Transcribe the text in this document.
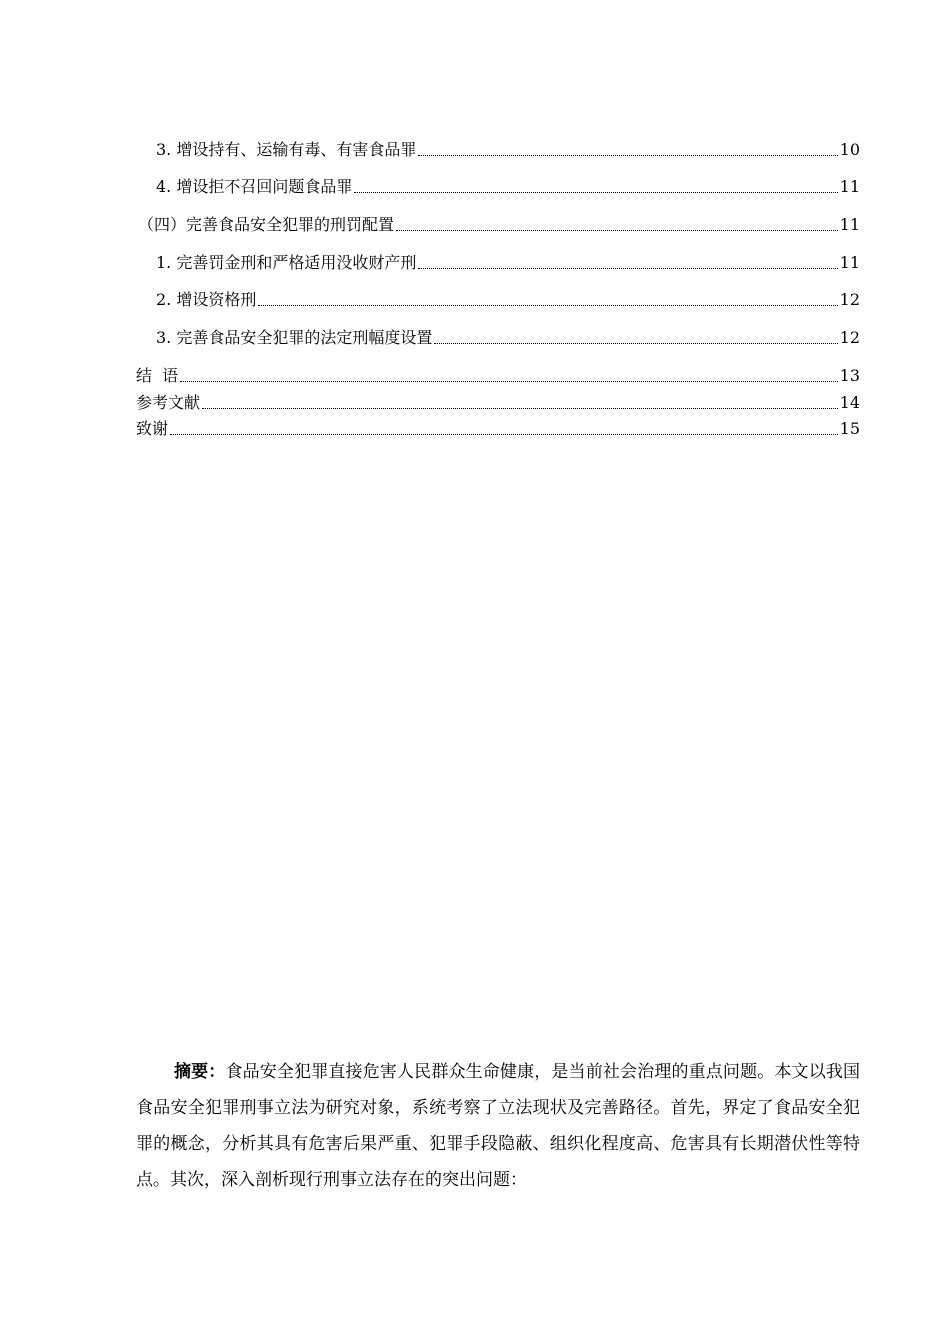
3. 增设持有、运输有毒、有害食品罪	10
4. 增设拒不召回问题食品罪	11
（四）完善食品安全犯罪的刑罚配置	11
1. 完善罚金刑和严格适用没收财产刑	11
2. 增设资格刑	12
3. 完善食品安全犯罪的法定刑幅度设置	12
结  语	13
参考文献	14
致谢	15

摘要：食品安全犯罪直接危害人民群众生命健康，是当前社会治理的重点问题。本文以我国食品安全犯罪刑事立法为研究对象，系统考察了立法现状及完善路径。首先，界定了食品安全犯罪的概念，分析其具有危害后果严重、犯罪手段隐蔽、组织化程度高、危害具有长期潜伏性等特点。其次，深入剖析现行刑事立法存在的突出问题：
